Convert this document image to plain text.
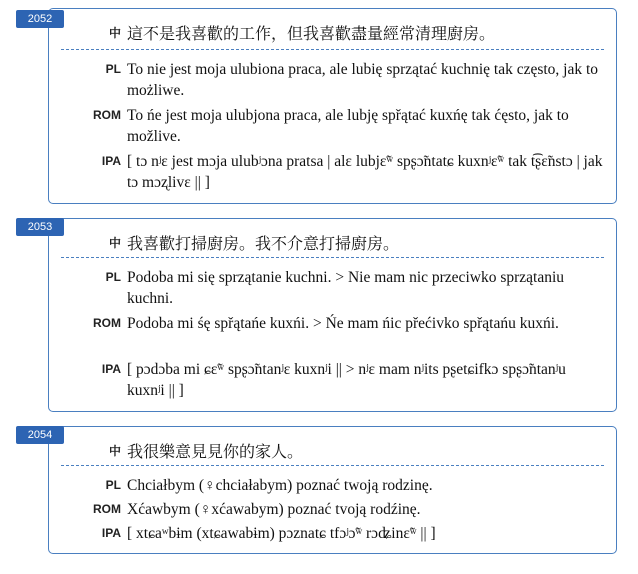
中 這不是我喜歡的工作，但我喜歡盡量經常清理廚房。
PL To nie jest moja ulubiona praca, ale lubię sprzątać kuchnię tak często, jak to możliwe.
ROM To ńe jest moja ulubjona praca, ale lubję spřątać kuxńę tak ćęsto, jak to možlive.
IPA [ tɔ nʲɛ jest mɔja ulubʲɔna pratsa | alɛ lubjɛ̃ʷ spʂɔ̃ntatɕ kuxnʲɛ̃ʷ tak t͡ʂɛ̃nstɔ | jak tɔ mɔʐlivɛ || ]
2052
中 我喜歡打掃廚房。我不介意打掃廚房。
PL Podoba mi się sprzątanie kuchni. > Nie mam nic przeciwko sprzątaniu kuchni.
ROM Podoba mi śę spřątańe kuxńi. > Ńe mam ńic přećivko spřątańu kuxńi.
IPA [ pɔdɔba mi ɕɛ̃ʷ spʂɔ̃ntanʲɛ kuxnʲi || > nʲɛ mam nʲits pʂetɕifkɔ spʂɔ̃ntanʲu kuxnʲi || ]
2053
中 我很樂意見見你的家人。
PL Chciałbym (♀chciałabym) poznać twoją rodzinę.
ROM Xćawbym (♀xćawabym) poznać tvoją rodźinę.
IPA [ xtɕaʷbɨm (xtɕawabɨm) pɔznatɕ tfɔʲɔ̃ʷ rɔʥinɛ̃ʷ || ]
2054
